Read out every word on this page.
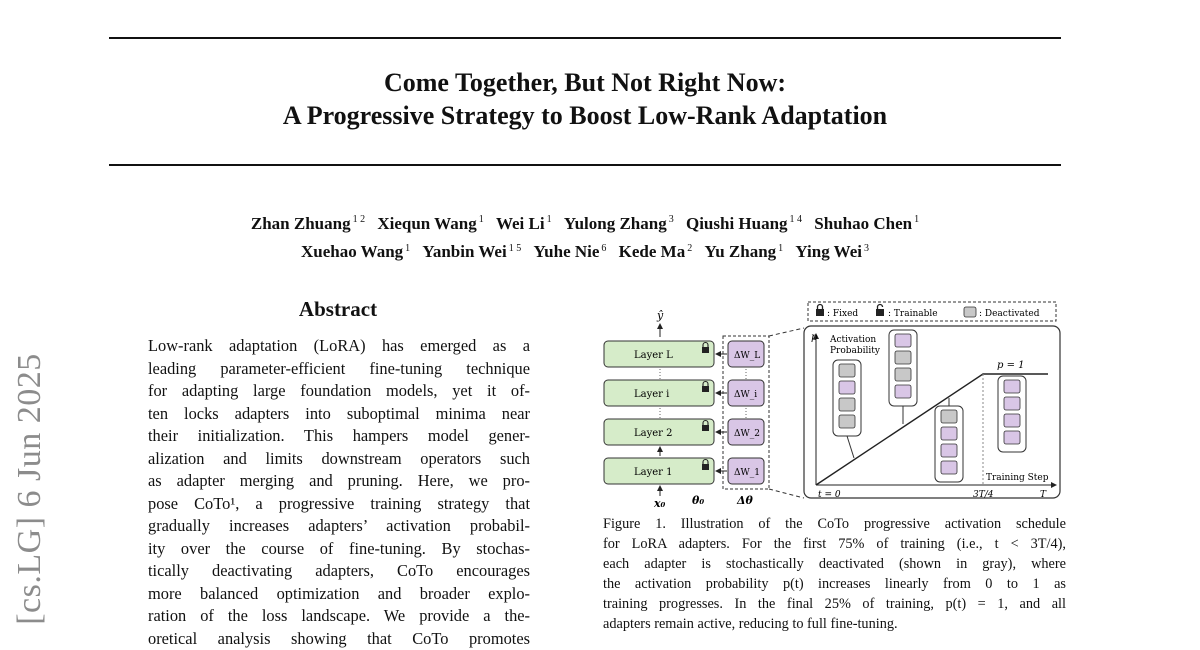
Come Together, But Not Right Now:
A Progressive Strategy to Boost Low-Rank Adaptation
Zhan Zhuang $^{1 2}$ Xiequn Wang $^1$ Wei Li $^1$ Yulong Zhang $^3$ Qiushi Huang $^{1 4}$ Shuhao Chen $^1$
Xuehao Wang $^1$ Yanbin Wei $^{1 5}$ Yuhe Nie $^6$ Kede Ma $^2$ Yu Zhang $^1$ Ying Wei $^3$
[cs.LG] 6 Jun 2025
Abstract
Low-rank adaptation (LoRA) has emerged as a
leading parameter-efficient fine-tuning technique
for adapting large foundation models, yet it of-
ten locks adapters into suboptimal minima near
their initialization. This hampers model gener-
alization and limits downstream operators such
as adapter merging and pruning. Here, we pro-
pose CoTo¹, a progressive training strategy that
gradually increases adapters’ activation probabil-
ity over the course of fine-tuning. By stochas-
tically deactivating adapters, CoTo encourages
more balanced optimization and broader explo-
ration of the loss landscape. We provide a the-
oretical analysis showing that CoTo promotes
: Fixed	: Trainable	: Deactivated
ŷ
Layer L	ΔW_L
Layer i	ΔW_i
Layer 2	ΔW_2
Layer 1	ΔW_1
x₀ θ₀	Δθ
p Activation
Probability
p = 1
Training Step
t = 0	3T/4	T
Figure 1. Illustration of the CoTo progressive activation schedule
for LoRA adapters. For the first 75% of training (i.e., t < 3T/4),
each adapter is stochastically deactivated (shown in gray), where
the activation probability p(t) increases linearly from 0 to 1 as
training progresses. In the final 25% of training, p(t) = 1, and all
adapters remain active, reducing to full fine-tuning.
